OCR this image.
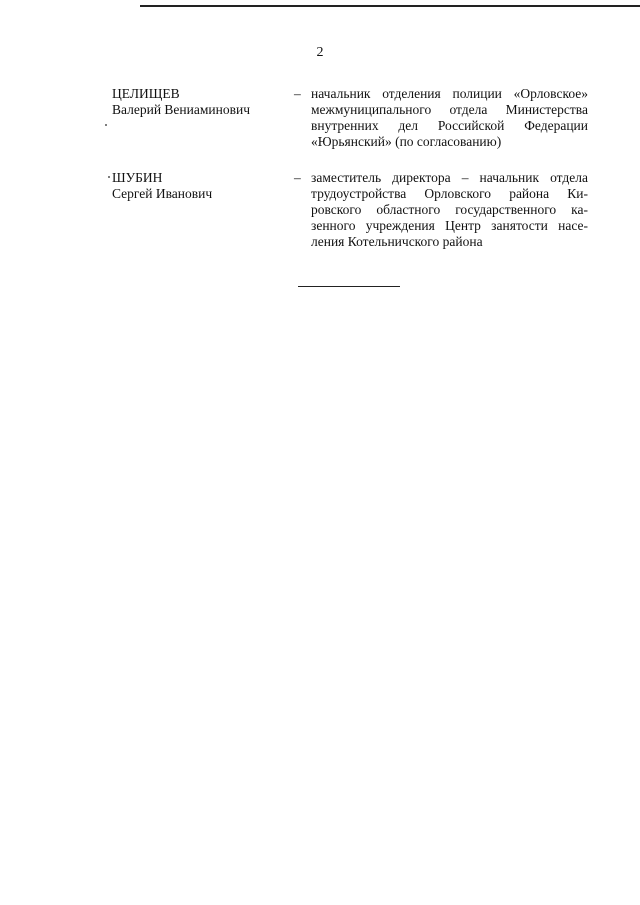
2
ЦЕЛИЩЕВ
Валерий Вениаминович
– начальник отделения полиции «Орловское»
межмуниципального отдела Министерства
внутренних дел Российской Федерации
«Юрьянский» (по согласованию)
ШУБИН
Сергей Иванович
– заместитель директора – начальник отдела
трудоустройства Орловского района Ки-
ровского областного государственного ка-
зенного учреждения Центр занятости насе-
ления Котельничского района
